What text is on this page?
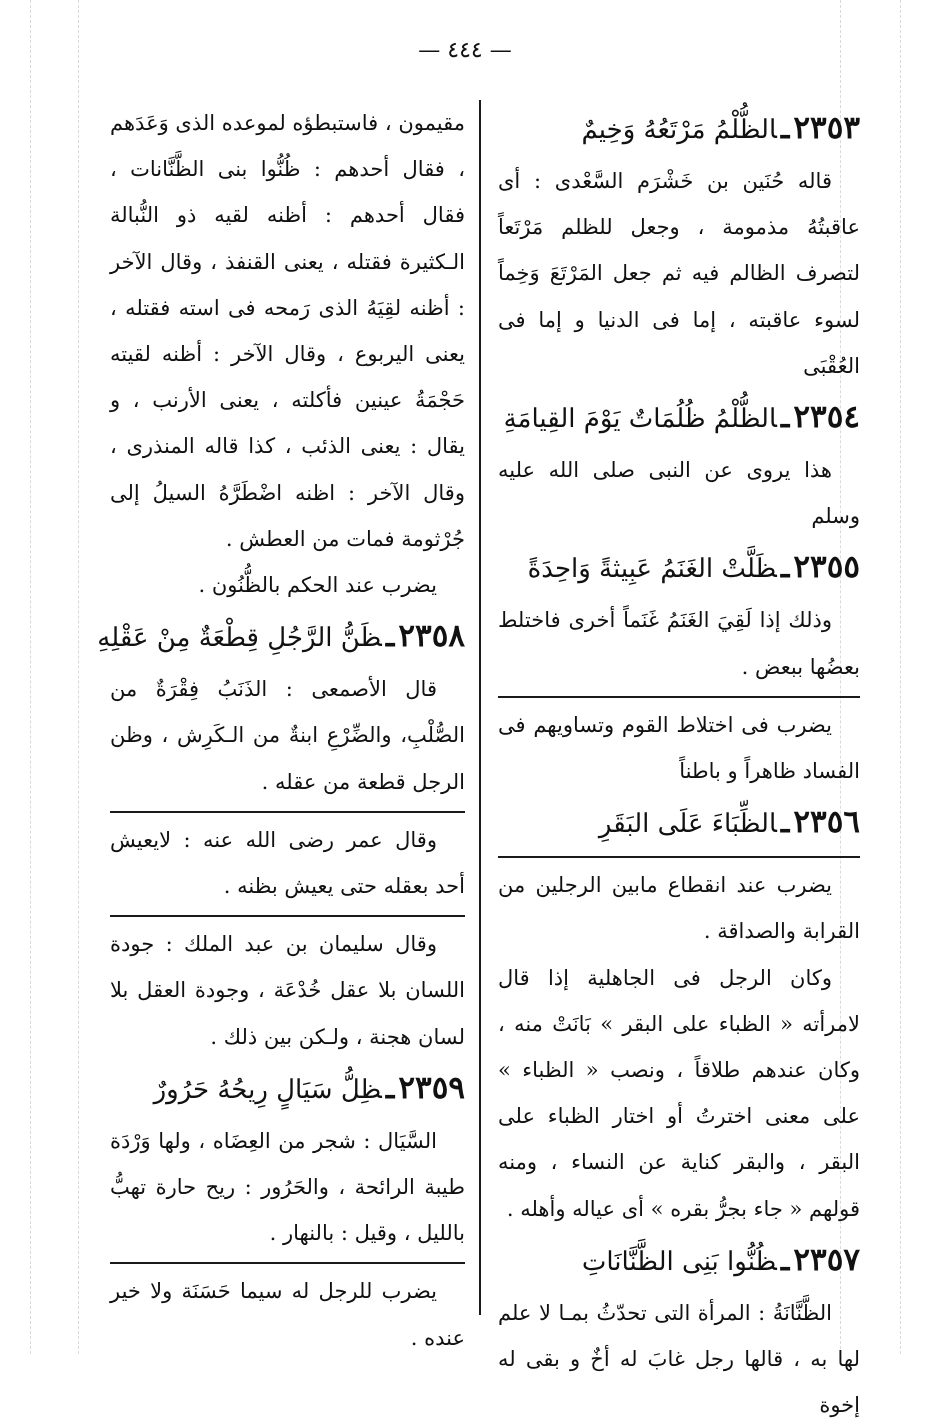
— ٤٤٤ —

٢٣٥٣ـالظُّلْمُ مَرْتَعُهُ وَخِيمٌ

قاله حُنَين بن خَشْرَم السَّعْدى : أى عاقبتُهُ مذمومة ، وجعل للظلم مَرْتَعاً لتصرف الظالم فيه ثم جعل المَرْتَعَ وَخِماً لسوء عاقبته ، إما فى الدنيا و إما فى العُقْبَى

٢٣٥٤ـالظُّلْمُ ظُلُمَاتٌ يَوْمَ القِيامَةِ

هذا يروى عن النبى صلى الله عليه وسلم

٢٣٥٥ـظَلَّتْ الغَنَمُ عَبِيثةً وَاحِدَةً

وذلك إذا لَقِيَ الغَنَمُ غَنَماً أخرى فاختلط بعضُها ببعض .

يضرب فى اختلاط القوم وتساويهم فى الفساد ظاهراً و باطناً

٢٣٥٦ـالظِّبَاءَ عَلَى البَقَرِ

يضرب عند انقطاع مابين الرجلين من القرابة والصداقة .

وكان الرجل فى الجاهلية إذا قال لامرأته « الظباء على البقر » بَانَتْ منه ، وكان عندهم طلاقاً ، ونصب « الظباء » على معنى اخترتُ أو اختار الظباء على البقر ، والبقر كناية عن النساء ، ومنه قولهم « جاء بجرُّ بقره » أى عياله وأهله .

٢٣٥٧ـظُنُّوا بَنِى الظَّنَّانَاتِ

الظَّنَّانَةُ : المرأة التى تحدّثُ بمـا لا علم لها به ، قالها رجل غابَ له أخٌ و بقى له إخوة

مقيمون ، فاستبطؤه لموعده الذى وَعَدَهم ، فقال أحدهم : ظُنُّوا بنى الظَّنَّانات ، فقال أحدهم : أظنه لقيه ذو النُّبالة الـكثيرة فقتله ، يعنى القنفذ ، وقال الآخر : أظنه لقِيَهُ الذى رَمحه فى استه فقتله ، يعنى اليربوع ، وقال الآخر : أظنه لقيته حَجْمَةُ عينين فأكلته ، يعنى الأرنب ، و يقال : يعنى الذئب ، كذا قاله المنذرى ، وقال الآخر : اظنه اضْطَرَّهُ السيلُ إلى جُرْثومة فمات من العطش .

يضرب عند الحكم بالظُّنُون .

٢٣٥٨ـظَنُّ الرَّجُلِ قِطْعَةٌ مِنْ عَقْلِهِ

قال الأصمعى : الذَنَبُ فِقْرَةٌ من الصُّلْبِ، والضِّرْعِ ابنةٌ من الـكَرِش ، وظن الرجل قطعة من عقله .

وقال عمر رضى الله عنه : لايعيش أحد بعقله حتى يعيش بظنه .

وقال سليمان بن عبد الملك : جودة اللسان بلا عقل خُدْعَة ، وجودة العقل بلا لسان هجنة ، ولـكن بين ذلك .

٢٣٥٩ـظِلُّ سَيَالٍ رِيحُهُ حَرُورٌ

السَّيَال : شجر من العِضَاه ، ولها وَرْدَة طيبة الرائحة ، والحَرُور : ريح حارة تهبُّ بالليل ، وقيل : بالنهار .

يضرب للرجل له سيما حَسَنَة ولا خير عنده .
